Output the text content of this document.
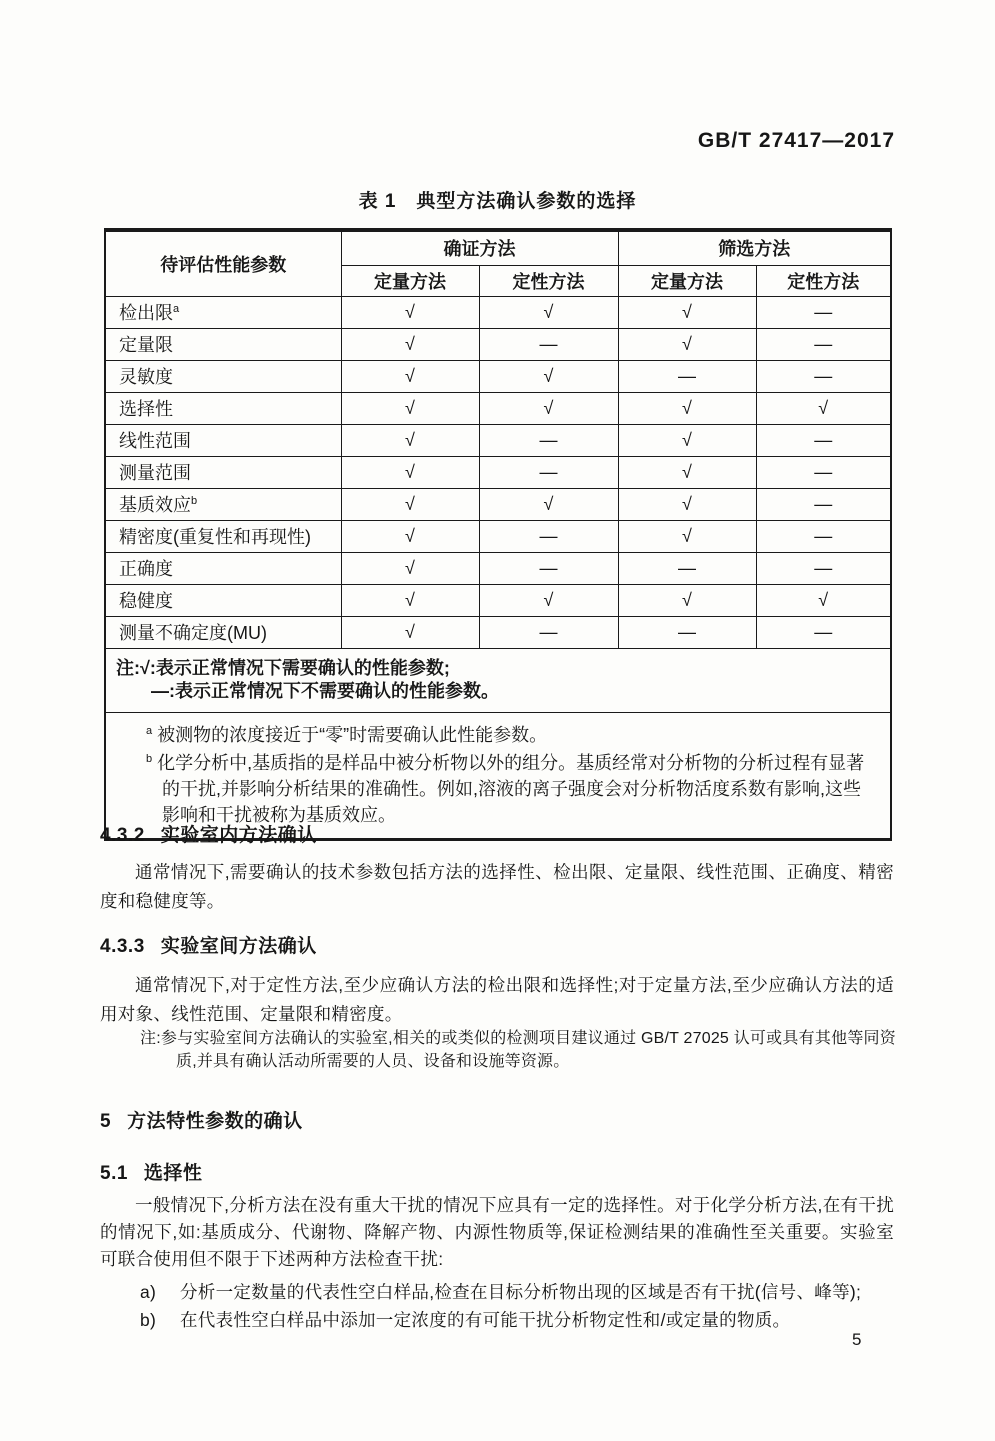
GB/T 27417—2017
表 1　典型方法确认参数的选择
待评估性能参数	确证方法		筛选方法	
	定量方法	定性方法	定量方法	定性方法
检出限$^a$	√	√	√	—
定量限	√	—	√	—
灵敏度	√	√	—	—
选择性	√	√	√	√
线性范围	√	—	√	—
测量范围	√	—	√	—
基质效应$^b$	√	√	√	—
精密度(重复性和再现性)	√	—	√	—
正确度	√	—	—	—
稳健度	√	√	√	√
测量不确定度(MU)	√	—	—	—

注:√:表示正常情况下需要确认的性能参数;
—:表示正常情况下不需要确认的性能参数。				

$^a$ 被测物的浓度接近于“零”时需要确认此性能参数。
$^b$ 化学分析中,基质指的是样品中被分析物以外的组分。基质经常对分析物的分析过程有显著的干扰,并影响分析结果的准确性。例如,溶液的离子强度会对分析物活度系数有影响,这些影响和干扰被称为基质效应。				
4.3.2 实验室内方法确认
通常情况下,需要确认的技术参数包括方法的选择性、检出限、定量限、线性范围、正确度、精密度和稳健度等。
4.3.3 实验室间方法确认
通常情况下,对于定性方法,至少应确认方法的检出限和选择性;对于定量方法,至少应确认方法的适用对象、线性范围、定量限和精密度。
注:参与实验室间方法确认的实验室,相关的或类似的检测项目建议通过 GB/T 27025 认可或具有其他等同资质,并具有确认活动所需要的人员、设备和设施等资源。
5 方法特性参数的确认
5.1 选择性
一般情况下,分析方法在没有重大干扰的情况下应具有一定的选择性。对于化学分析方法,在有干扰的情况下,如:基质成分、代谢物、降解产物、内源性物质等,保证检测结果的准确性至关重要。实验室可联合使用但不限于下述两种方法检查干扰:
a) 分析一定数量的代表性空白样品,检查在目标分析物出现的区域是否有干扰(信号、峰等);
b) 在代表性空白样品中添加一定浓度的有可能干扰分析物定性和/或定量的物质。
5
